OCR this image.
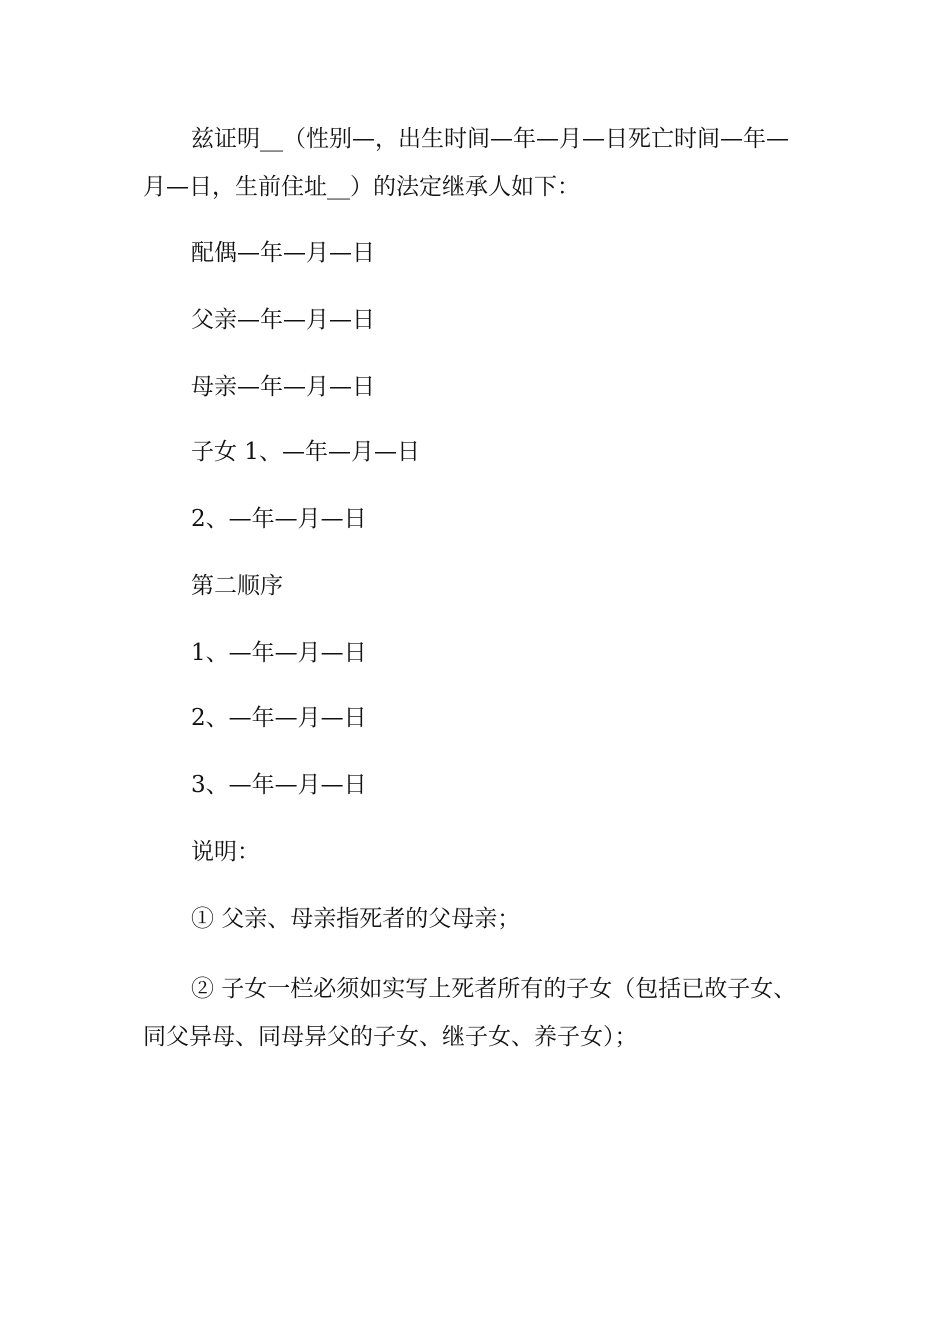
兹证明__（性别—，出生时间—年—月—日死亡时间—年—月—日，生前住址__）的法定继承人如下：

配偶—年—月—日

父亲—年—月—日

母亲—年—月—日

子女 1、—年—月—日

2、—年—月—日

第二顺序

1、—年—月—日

2、—年—月—日

3、—年—月—日

说明：

① 父亲、母亲指死者的父母亲；

② 子女一栏必须如实写上死者所有的子女（包括已故子女、同父异母、同母异父的子女、继子女、养子女）；
